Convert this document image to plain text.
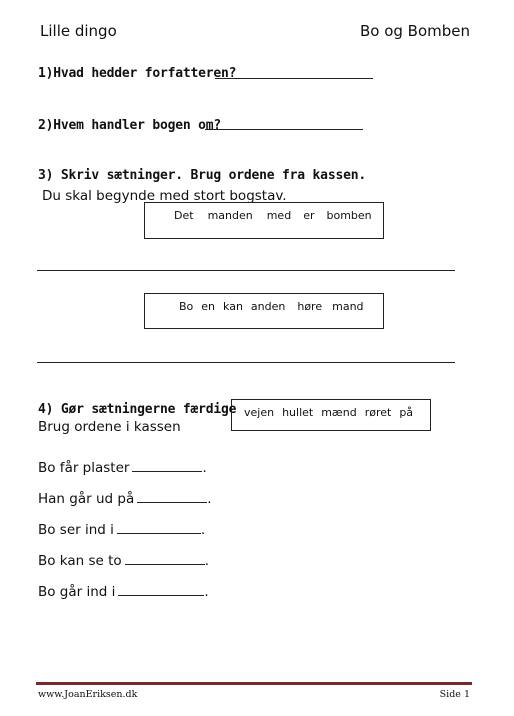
Lille dingo	Bo og Bomben
1)Hvad hedder forfatteren?
2)Hvem handler bogen om?
3) Skriv sætninger. Brug ordene fra kassen.
Du skal begynde med stort bogstav.
Det manden med er bomben
Bo en kan anden høre mand
4) Gør sætningerne færdige
Brug ordene i kassen
vejen hullet mænd røret på
Bo får plaster	.
Han går ud på	.
Bo ser ind i	.
Bo kan se to	.
Bo går ind i	.
www.JoanEriksen.dk	Side 1
